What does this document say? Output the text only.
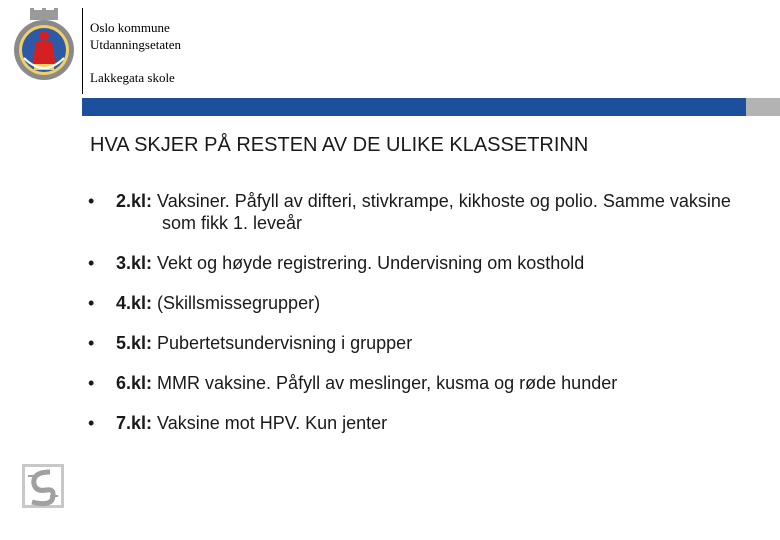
Oslo kommune
Utdanningsetaten
Lakkegata skole
HVA SKJER PÅ RESTEN AV DE ULIKE KLASSETRINN
• 2.kl: Vaksiner. Påfyll av difteri, stivkrampe, kikhoste og polio. Samme vaksine som fikk 1. leveår
• 3.kl: Vekt og høyde registrering. Undervisning om kosthold
• 4.kl: (Skillsmissegrupper)
• 5.kl: Pubertetsundervisning i grupper
• 6.kl: MMR vaksine. Påfyll av meslinger, kusma og røde hunder
• 7.kl: Vaksine mot HPV. Kun jenter
